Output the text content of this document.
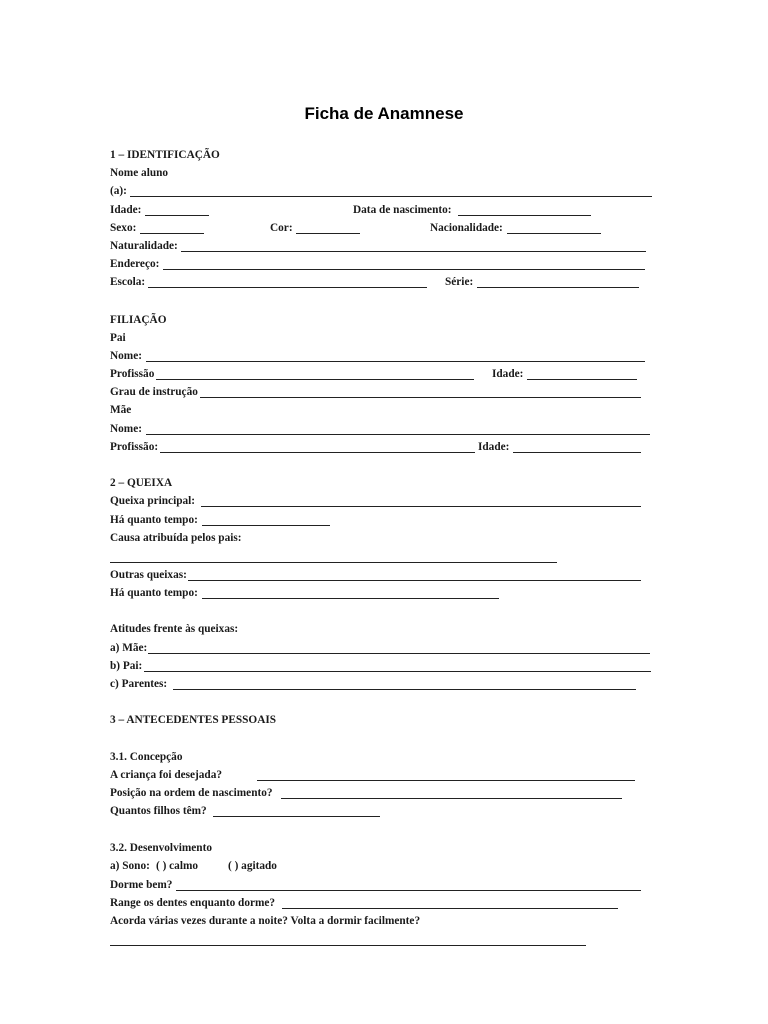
Ficha de Anamnese
1 – IDENTIFICAÇÃO
Nome aluno
(a):
Idade:	Data de nascimento:
Sexo:	Cor:	Nacionalidade:
Naturalidade:
Endereço:
Escola:	Série:
FILIAÇÃO
Pai
Nome:
Profissão	Idade:
Grau de instrução
Mãe
Nome:
Profissão:	Idade:
2 – QUEIXA
Queixa principal:
Há quanto tempo:
Causa atribuída pelos pais:
Outras queixas:
Há quanto tempo:
Atitudes frente às queixas:
a) Mãe:
b) Pai:
c) Parentes:
3 – ANTECEDENTES PESSOAIS
3.1. Concepção
A criança foi desejada?
Posição na ordem de nascimento?
Quantos filhos têm?
3.2. Desenvolvimento
a) Sono: ( ) calmo	( ) agitado
Dorme bem?
Range os dentes enquanto dorme?
Acorda várias vezes durante a noite? Volta a dormir facilmente?
